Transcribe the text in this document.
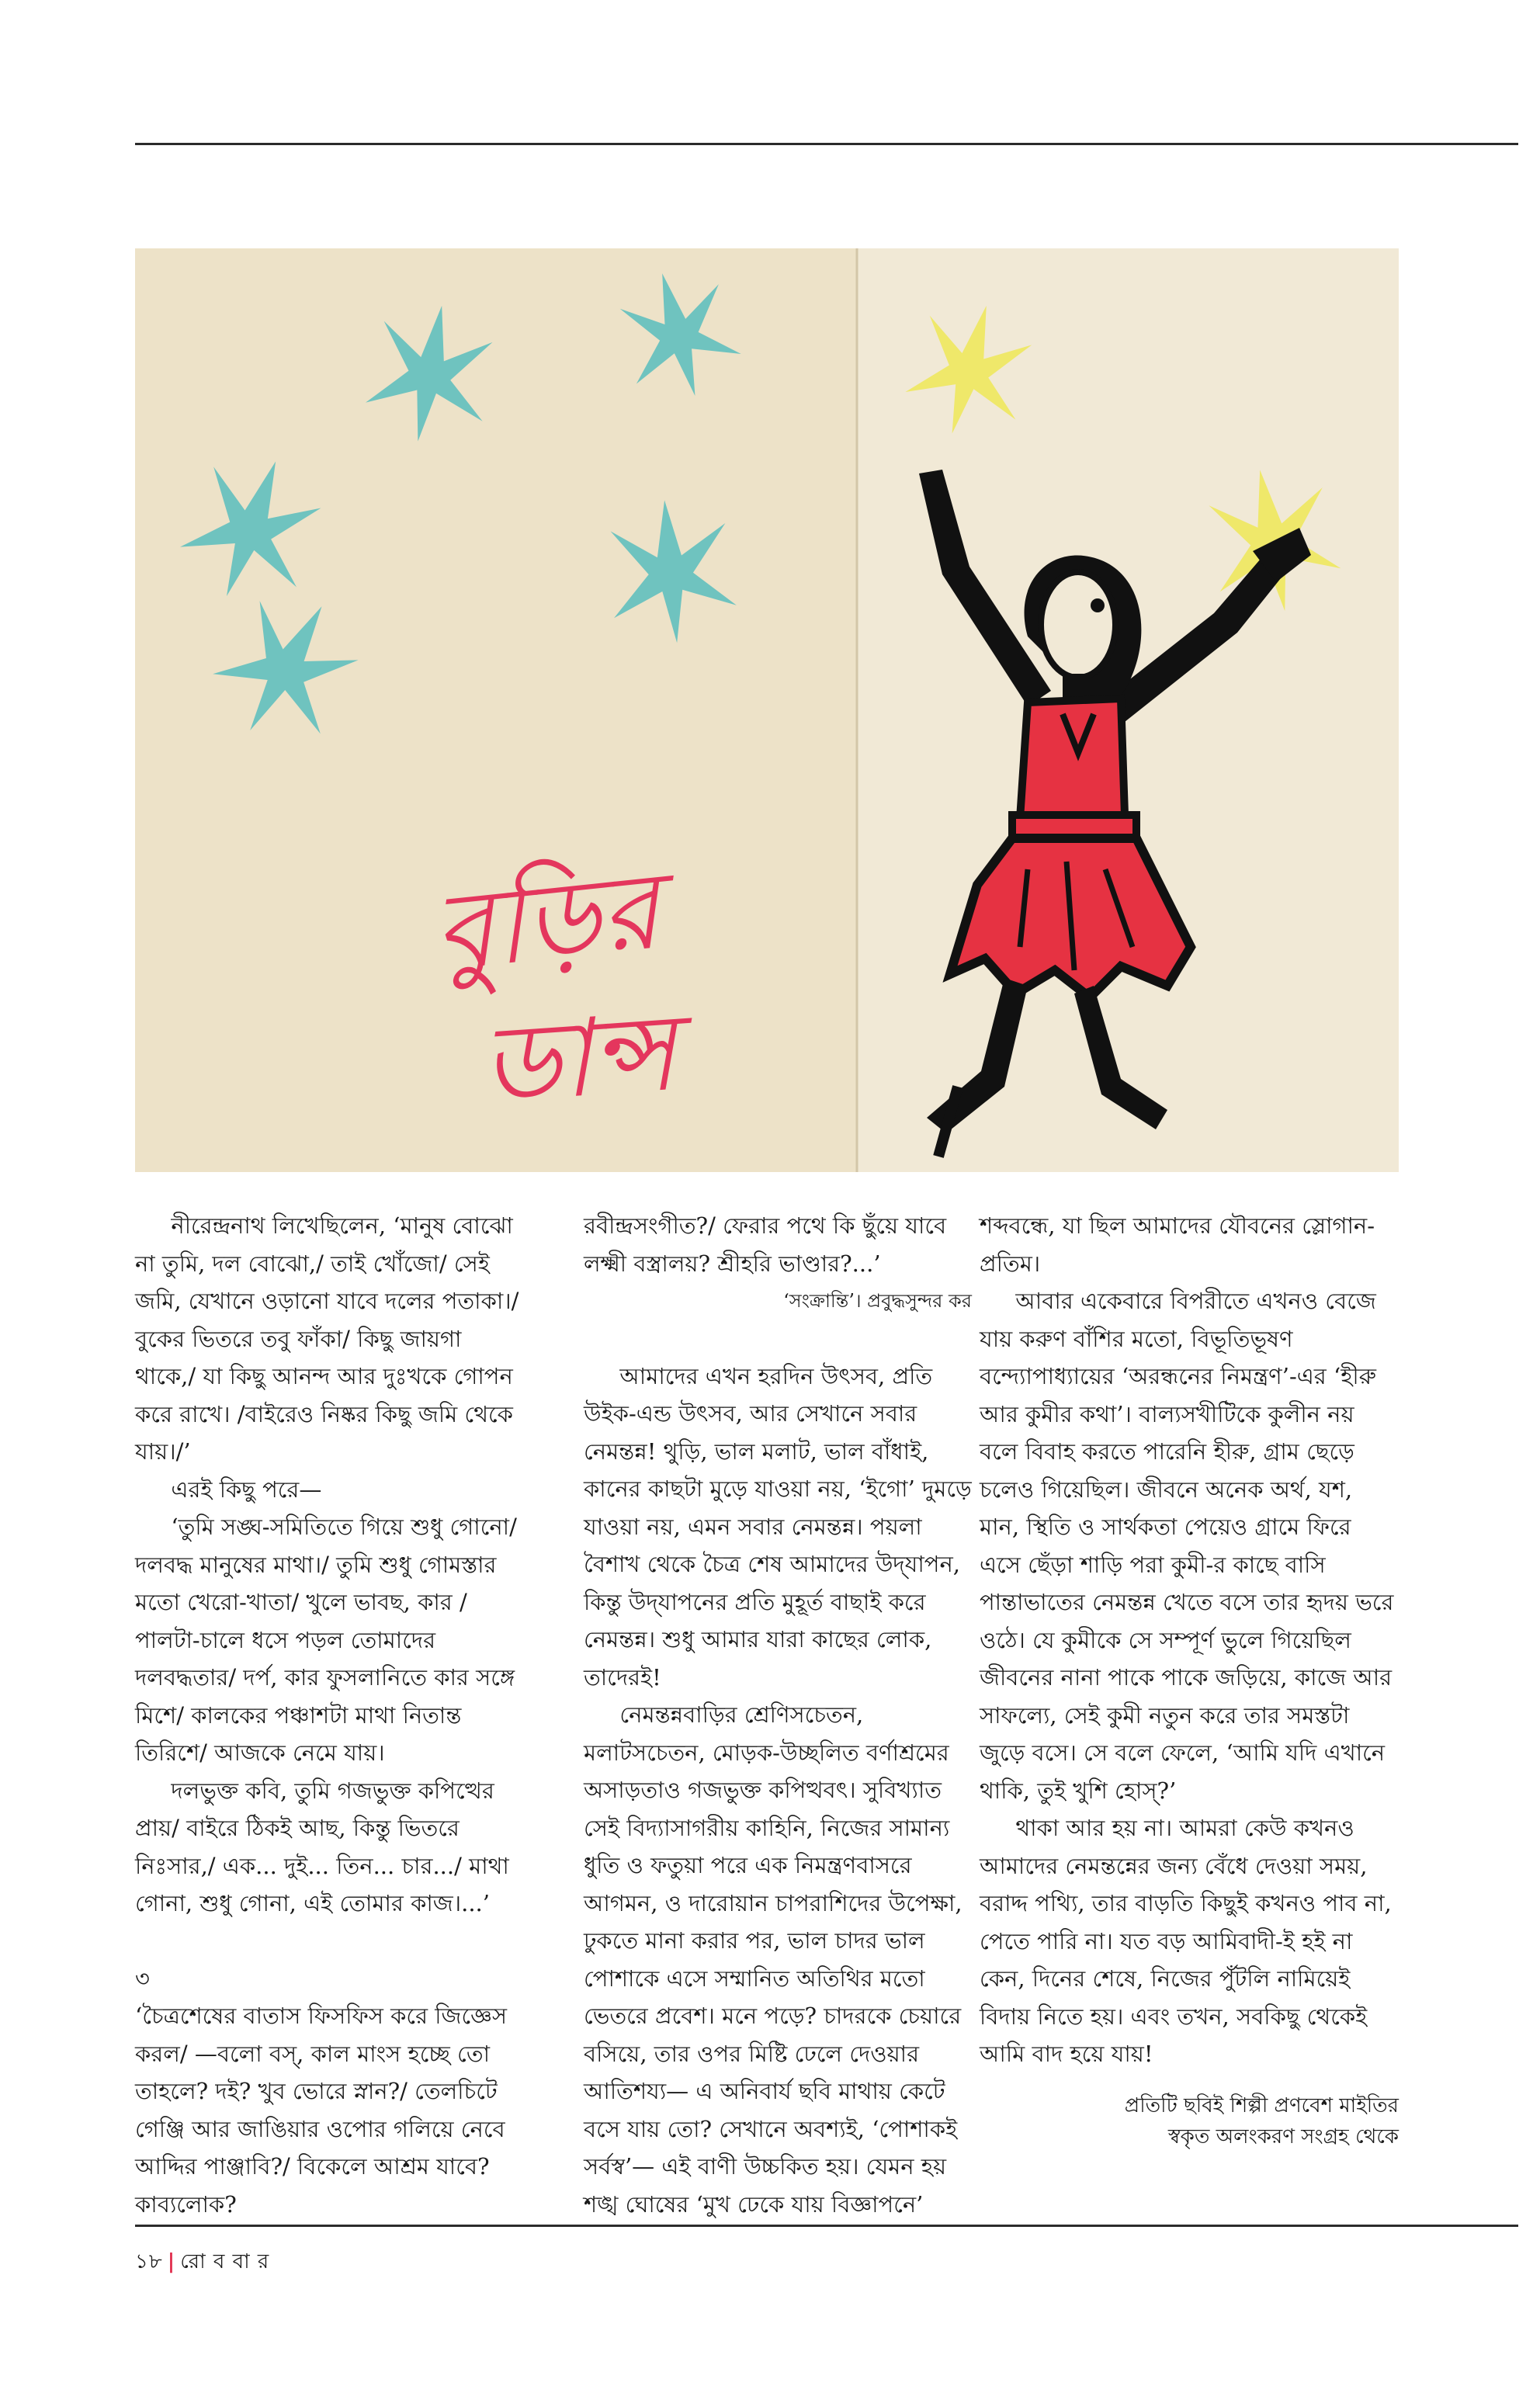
বুড়ির
ডান্স

নীরেন্দ্রনাথ লিখেছিলেন, ‘মানুষ বোঝো না তুমি, দল বোঝো,/ তাই খোঁজো/ সেই জমি, যেখানে ওড়ানো যাবে দলের পতাকা।/ বুকের ভিতরে তবু ফাঁকা/ কিছু জায়গা থাকে,/ যা কিছু আনন্দ আর দুঃখকে গোপন করে রাখে। /বাইরেও নিষ্কর কিছু জমি থেকে যায়।/’

এরই কিছু পরে—

‘তুমি সঙ্ঘ-সমিতিতে গিয়ে শুধু গোনো/ দলবদ্ধ মানুষের মাথা।/ তুমি শুধু গোমস্তার মতো খেরো-খাতা/ খুলে ভাবছ, কার /পালটা-চালে ধসে পড়ল তোমাদের দলবদ্ধতার/ দর্প, কার ফুসলানিতে কার সঙ্গে মিশে/ কালকের পঞ্চাশটা মাথা নিতান্ত তিরিশে/ আজকে নেমে যায়।

দলভুক্ত কবি, তুমি গজভুক্ত কপিত্থের প্রায়/ বাইরে ঠিকই আছ, কিন্তু ভিতরে নিঃসার,/ এক... দুই... তিন... চার.../ মাথা গোনা, শুধু গোনা, এই তোমার কাজ।...’

৩

‘চৈত্রশেষের বাতাস ফিসফিস করে জিজ্ঞেস করল/ —বলো বস্‌, কাল মাংস হচ্ছে তো তাহলে? দই? খুব ভোরে স্নান?/ তেলচিটে গেঞ্জি আর জাঙিয়ার ওপোর গলিয়ে নেবে আদ্দির পাঞ্জাবি?/ বিকেলে আশ্রম যাবে? কাব্যলোক?

রবীন্দ্রসংগীত?/ ফেরার পথে কি ছুঁয়ে যাবে লক্ষ্মী বস্ত্রালয়? শ্রীহরি ভাণ্ডার?...’

‘সংক্রান্তি’। প্রবুদ্ধসুন্দর কর

আমাদের এখন হরদিন উৎসব, প্রতি উইক-এন্ড উৎসব, আর সেখানে সবার নেমন্তন্ন! থুড়ি, ভাল মলাট, ভাল বাঁধাই, কানের কাছটা মুড়ে যাওয়া নয়, ‘ইগো’ দুমড়ে যাওয়া নয়, এমন সবার নেমন্তন্ন। পয়লা বৈশাখ থেকে চৈত্র শেষ আমাদের উদ্‌যাপন, কিন্তু উদ্‌যাপনের প্রতি মুহূর্ত বাছাই করে নেমন্তন্ন। শুধু আমার যারা কাছের লোক, তাদেরই!

নেমন্তন্নবাড়ির শ্রেণিসচেতন, মলাটসচেতন, মোড়ক-উচ্ছলিত বর্ণাশ্রমের অসাড়তাও গজভুক্ত কপিত্থবৎ। সুবিখ্যাত সেই বিদ্যাসাগরীয় কাহিনি, নিজের সামান্য ধুতি ও ফতুয়া পরে এক নিমন্ত্রণবাসরে আগমন, ও দারোয়ান চাপরাশিদের উপেক্ষা, ঢুকতে মানা করার পর, ভাল চাদর ভাল পোশাকে এসে সম্মানিত অতিথির মতো ভেতরে প্রবেশ। মনে পড়ে? চাদরকে চেয়ারে বসিয়ে, তার ওপর মিষ্টি ঢেলে দেওয়ার আতিশয্য— এ অনিবার্য ছবি মাথায় কেটে বসে যায় তো? সেখানে অবশ্যই, ‘পোশাকই সর্বস্ব’— এই বাণী উচ্চকিত হয়। যেমন হয় শঙ্খ ঘোষের ‘মুখ ঢেকে যায় বিজ্ঞাপনে’

শব্দবন্ধে, যা ছিল আমাদের যৌবনের স্লোগান-প্রতিম।

আবার একেবারে বিপরীতে এখনও বেজে যায় করুণ বাঁশির মতো, বিভূতিভূষণ বন্দ্যোপাধ্যায়ের ‘অরন্ধনের নিমন্ত্রণ’-এর ‘হীরু আর কুমীর কথা’। বাল্যসখীটিকে কুলীন নয় বলে বিবাহ করতে পারেনি হীরু, গ্রাম ছেড়ে চলেও গিয়েছিল। জীবনে অনেক অর্থ, যশ, মান, স্থিতি ও সার্থকতা পেয়েও গ্রামে ফিরে এসে ছেঁড়া শাড়ি পরা কুমী-র কাছে বাসি পান্তাভাতের নেমন্তন্ন খেতে বসে তার হৃদয় ভরে ওঠে। যে কুমীকে সে সম্পূর্ণ ভুলে গিয়েছিল জীবনের নানা পাকে পাকে জড়িয়ে, কাজে আর সাফল্যে, সেই কুমী নতুন করে তার সমস্তটা জুড়ে বসে। সে বলে ফেলে, ‘আমি যদি এখানে থাকি, তুই খুশি হোস্‌?’

থাকা আর হয় না। আমরা কেউ কখনও আমাদের নেমন্তন্নের জন্য বেঁধে দেওয়া সময়, বরাদ্দ পথ্যি, তার বাড়তি কিছুই কখনও পাব না, পেতে পারি না। যত বড় আমিবাদী-ই হই না কেন, দিনের শেষে, নিজের পুঁটলি নামিয়েই বিদায় নিতে হয়। এবং তখন, সবকিছু থেকেই আমি বাদ হয়ে যায়!

প্রতিটি ছবিই শিল্পী প্রণবেশ মাইতির
স্বকৃত অলংকরণ সংগ্রহ থেকে

১৮ | রো ব বা র
